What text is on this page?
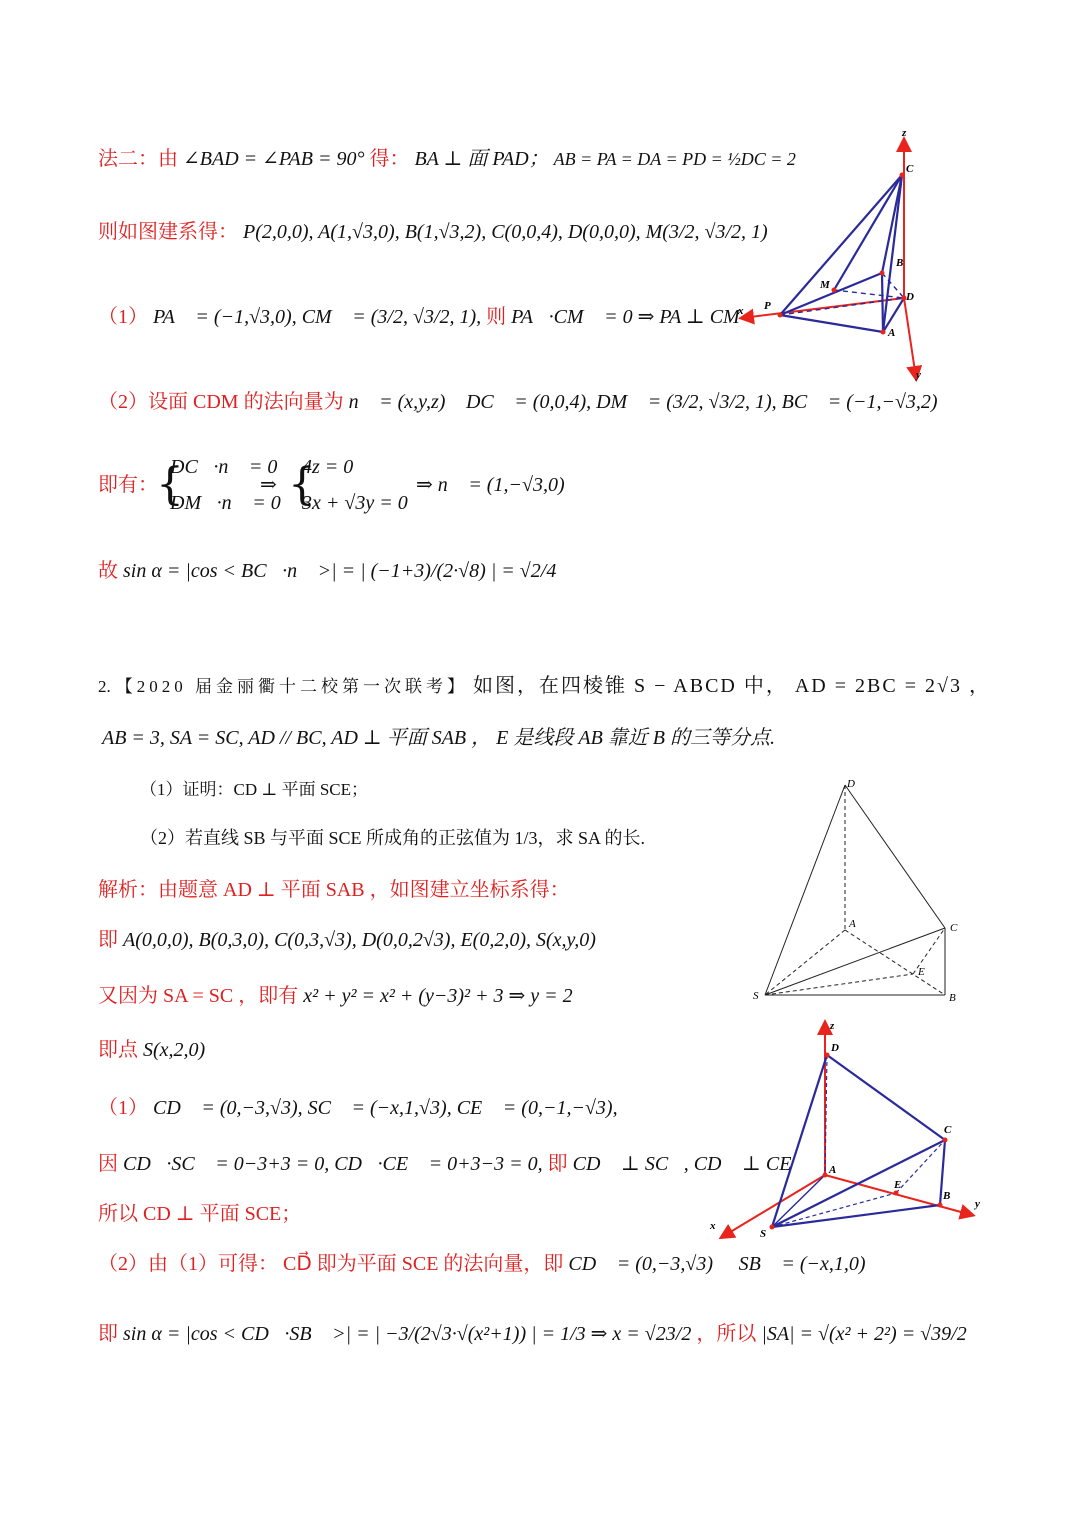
法二：由 ∠BAD = ∠PAB = 90° 得： BA ⊥ 面 PAD； AB = PA = DA = PD = ½DC = 2
则如图建系得： P(2,0,0), A(1,√3,0), B(1,√3,2), C(0,0,4), D(0,0,0), M(3/2, √3/2, 1)
（1） PA⃗ = (−1,√3,0), CM⃗ = (3/2, √3/2, 1), 则 PA⃗·CM⃗ = 0 ⇒ PA ⊥ CM
（2）设面 CDM 的法向量为 n⃗ = (x,y,z)， DC⃗ = (0,0,4), DM⃗ = (3/2, √3/2, 1), BC⃗ = (−1,−√3,2)
即有：
{
DC⃗·n⃗ = 0
DM⃗·n⃗ = 0
⇒ {
4z = 0
3x + √3y = 0
⇒ n⃗ = (1,−√3,0) ，
故 sin α = |cos < BC⃗·n⃗ >| = | (−1+3)/(2·√8) | = √2/4
z
C
B
M
D
P
x
A
y
2. 【2020 届金丽衢十二校第一次联考】 如图，在四棱锥 S − ABCD 中， AD = 2BC = 2√3 ，
AB = 3, SA = SC, AD // BC, AD ⊥ 平面 SAB ， E 是线段 AB 靠近 B 的三等分点.
（1）证明：CD ⊥ 平面 SCE；
（2）若直线 SB 与平面 SCE 所成角的正弦值为 1/3，求 SA 的长.
解析：由题意 AD ⊥ 平面 SAB ，如图建立坐标系得：
即 A(0,0,0), B(0,3,0), C(0,3,√3), D(0,0,2√3), E(0,2,0), S(x,y,0)
又因为 SA = SC ，即有 x² + y² = x² + (y−3)² + 3 ⇒ y = 2
即点 S(x,2,0)
（1） CD⃗ = (0,−3,√3), SC⃗ = (−x,1,√3), CE⃗ = (0,−1,−√3),
因 CD⃗·SC⃗ = 0−3+3 = 0, CD⃗·CE⃗ = 0+3−3 = 0, 即 CD⃗ ⊥ SC⃗, CD⃗ ⊥ CE⃗
所以 CD ⊥ 平面 SCE；
（2）由（1）可得： CD⃗ 即为平面 SCE 的法向量，即 CD⃗ = (0,−3,√3) ， SB⃗ = (−x,1,0)
即 sin α = |cos < CD⃗·SB⃗ >| = | −3/(2√3·√(x²+1)) | = 1/3 ⇒ x = √23/2 ，所以 |SA| = √(x² + 2²) = √39/2
D
A	C
E
S	B
z
D
C
A
E
B
y
x
S
